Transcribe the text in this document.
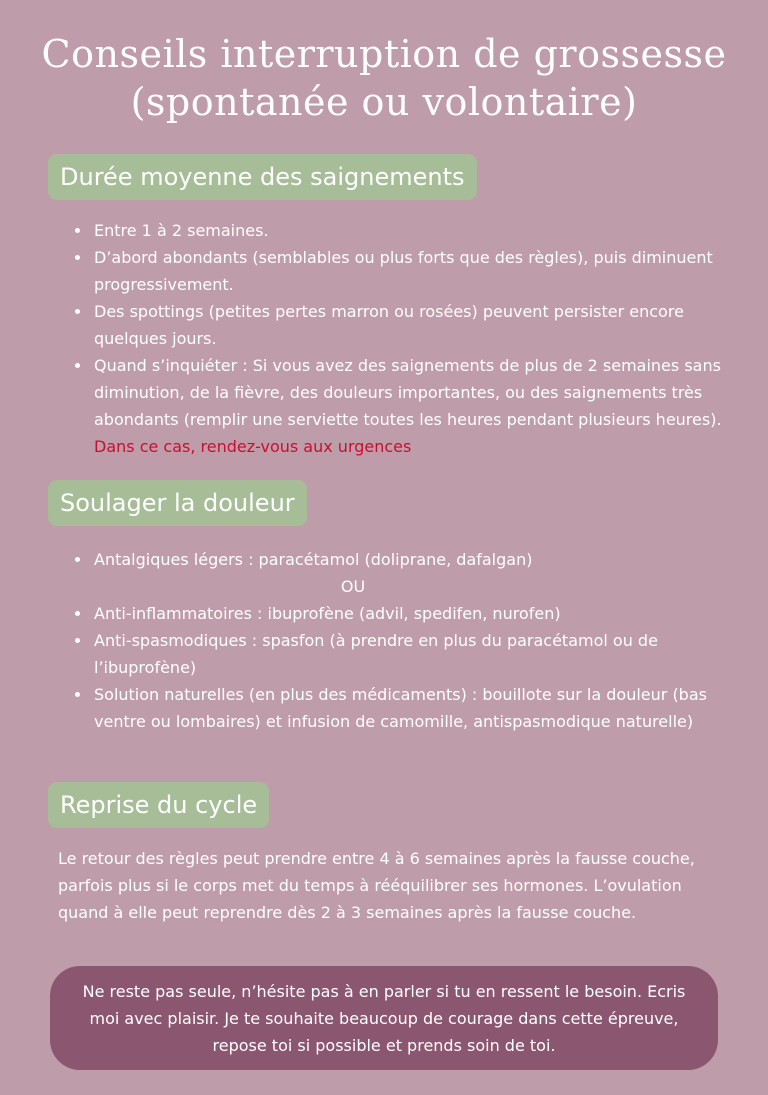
Conseils interruption de grossesse
(spontanée ou volontaire)
Durée moyenne des saignements
• Entre 1 à 2 semaines.
• D’abord abondants (semblables ou plus forts que des règles), puis diminuent progressivement.
• Des spottings (petites pertes marron ou rosées) peuvent persister encore quelques jours.
• Quand s’inquiéter : Si vous avez des saignements de plus de 2 semaines sans diminution, de la fièvre, des douleurs importantes, ou des saignements très abondants (remplir une serviette toutes les heures pendant plusieurs heures). Dans ce cas, rendez-vous aux urgences
Soulager la douleur
• Antalgiques légers : paracétamol (doliprane, dafalgan)
OU
• Anti-inflammatoires : ibuprofène (advil, spedifen, nurofen)
• Anti-spasmodiques : spasfon (à prendre en plus du paracétamol ou de l’ibuprofène)
• Solution naturelles (en plus des médicaments) : bouillote sur la douleur (bas ventre ou lombaires) et infusion de camomille, antispasmodique naturelle)
Reprise du cycle

Le retour des règles peut prendre entre 4 à 6 semaines après la fausse couche, parfois plus si le corps met du temps à rééquilibrer ses hormones. L’ovulation quand à elle peut reprendre dès 2 à 3 semaines après la fausse couche.

Ne reste pas seule, n’hésite pas à en parler si tu en ressent le besoin. Ecris moi avec plaisir. Je te souhaite beaucoup de courage dans cette épreuve, repose toi si possible et prends soin de toi.
